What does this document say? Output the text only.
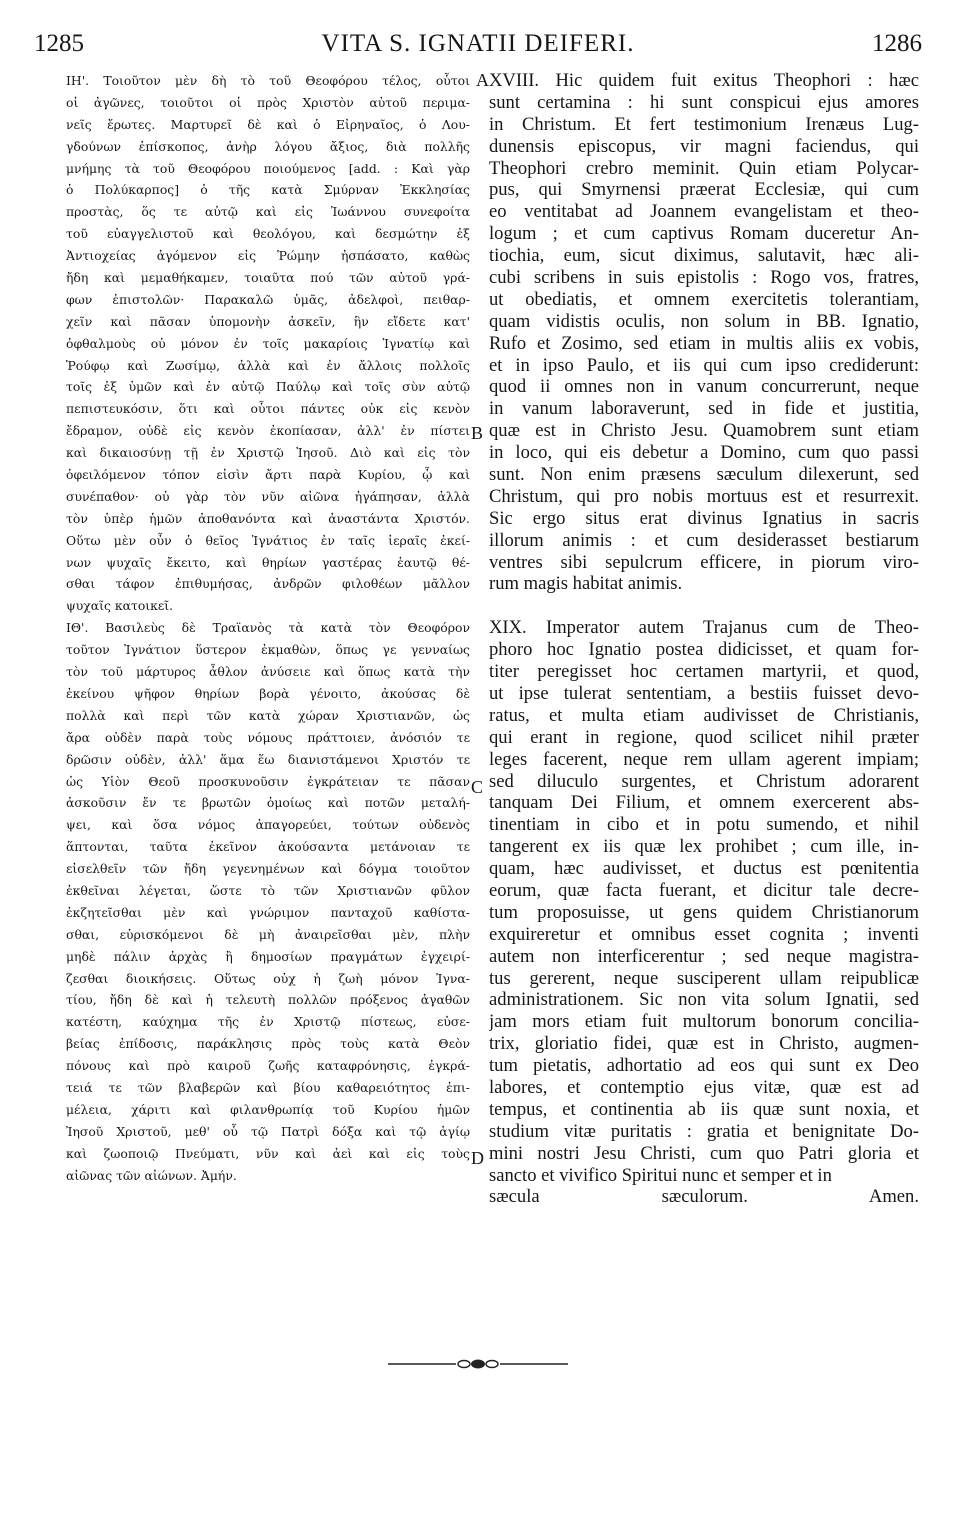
1285	VITA S. IGNATII DEIFERI.	1286
ΙΗ'. Τοιοῦτον μὲν δὴ τὸ τοῦ Θεοφόρου τέλος, οὗτοι
οἱ ἀγῶνες, τοιοῦτοι οἱ πρὸς Χριστὸν αὐτοῦ περιμα-
νεῖς ἔρωτες. Μαρτυρεῖ δὲ καὶ ὁ Εἰρηναῖος, ὁ Λου-
γδούνων ἐπίσκοπος, ἀνὴρ λόγου ἄξιος, διὰ πολλῆς
μνήμης τὰ τοῦ Θεοφόρου ποιούμενος [add. : Καὶ γὰρ
ὁ Πολύκαρπος] ὁ τῆς κατὰ Σμύρναν Ἐκκλησίας
προστὰς, ὅς τε αὐτῷ καὶ εἰς Ἰωάννου συνεφοίτα
τοῦ εὐαγγελιστοῦ καὶ θεολόγου, καὶ δεσμώτην ἐξ
Ἀντιοχείας ἀγόμενον εἰς Ῥώμην ἠσπάσατο, καθὼς
ἤδη καὶ μεμαθήκαμεν, τοιαῦτα πού τῶν αὐτοῦ γρά-
φων ἐπιστολῶν· Παρακαλῶ ὑμᾶς, ἀδελφοὶ, πειθαρ-
χεῖν καὶ πᾶσαν ὑπομονὴν ἀσκεῖν, ἣν εἴδετε κατ'
ὀφθαλμοὺς οὐ μόνον ἐν τοῖς μακαρίοις Ἰγνατίῳ καὶ
Ῥούφῳ καὶ Ζωσίμῳ, ἀλλὰ καὶ ἐν ἄλλοις πολλοῖς
τοῖς ἐξ ὑμῶν καὶ ἐν αὐτῷ Παύλῳ καὶ τοῖς σὺν αὐτῷ
πεπιστευκόσιν, ὅτι καὶ οὗτοι πάντες οὐκ εἰς κενὸν
ἔδραμον, οὐδὲ εἰς κενὸν ἐκοπίασαν, ἀλλ' ἐν πίστει
καὶ δικαιοσύνῃ τῇ ἐν Χριστῷ Ἰησοῦ. Διὸ καὶ εἰς τὸν
ὀφειλόμενον τόπον εἰσὶν ἄρτι παρὰ Κυρίου, ᾧ καὶ
συνέπαθον· οὐ γὰρ τὸν νῦν αἰῶνα ἠγάπησαν, ἀλλὰ
τὸν ὑπὲρ ἡμῶν ἀποθανόντα καὶ ἀναστάντα Χριστόν.
Οὕτω μὲν οὖν ὁ θεῖος Ἰγνάτιος ἐν ταῖς ἱεραῖς ἐκεί-
νων ψυχαῖς ἔκειτο, καὶ θηρίων γαστέρας ἑαυτῷ θέ-
σθαι τάφον ἐπιθυμήσας, ἀνδρῶν φιλοθέων μᾶλλον
ψυχαῖς κατοικεῖ.
ΙΘ'. Βασιλεὺς δὲ Τραϊανὸς τὰ κατὰ τὸν Θεοφόρον
τοῦτον Ἰγνάτιον ὕστερον ἐκμαθὼν, ὅπως γε γενναίως
τὸν τοῦ μάρτυρος ἆθλον ἀνύσειε καὶ ὅπως κατὰ τὴν
ἐκείνου ψῆφον θηρίων βορὰ γένοιτο, ἀκούσας δὲ
πολλὰ καὶ περὶ τῶν κατὰ χώραν Χριστιανῶν, ὡς
ἄρα οὐδὲν παρὰ τοὺς νόμους πράττοιεν, ἀνόσιόν τε
δρῶσιν οὐδὲν, ἀλλ' ἅμα ἕω διανιστάμενοι Χριστόν τε
ὡς Υἱὸν Θεοῦ προσκυνοῦσιν ἐγκράτειαν τε πᾶσαν
ἀσκοῦσιν ἔν τε βρωτῶν ὁμοίως καὶ ποτῶν μεταλή-
ψει, καὶ ὅσα νόμος ἀπαγορεύει, τούτων οὐδενὸς
ἅπτονται, ταῦτα ἐκεῖνον ἀκούσαντα μετάνοιαν τε
εἰσελθεῖν τῶν ἤδη γεγενημένων καὶ δόγμα τοιοῦτον
ἐκθεῖναι λέγεται, ὥστε τὸ τῶν Χριστιανῶν φῦλον
ἐκζητεῖσθαι μὲν καὶ γνώριμον πανταχοῦ καθίστα-
σθαι, εὑρισκόμενοι δὲ μὴ ἀναιρεῖσθαι μὲν, πλὴν
μηδὲ πάλιν ἀρχὰς ἢ δημοσίων πραγμάτων ἐγχειρί-
ζεσθαι διοικήσεις. Οὕτως οὐχ ἡ ζωὴ μόνον Ἰγνα-
τίου, ἤδη δὲ καὶ ἡ τελευτὴ πολλῶν πρόξενος ἀγαθῶν
κατέστη, καύχημα τῆς ἐν Χριστῷ πίστεως, εὐσε-
βείας ἐπίδοσις, παράκλησις πρὸς τοὺς κατὰ Θεὸν
πόνους καὶ πρὸ καιροῦ ζωῆς καταφρόνησις, ἐγκρά-
τειά τε τῶν βλαβερῶν καὶ βίου καθαρειότητος ἐπι-
μέλεια, χάριτι καὶ φιλανθρωπίᾳ τοῦ Κυρίου ἡμῶν
Ἰησοῦ Χριστοῦ, μεθ' οὗ τῷ Πατρὶ δόξα καὶ τῷ ἁγίῳ
καὶ ζωοποιῷ Πνεύματι, νῦν καὶ ἀεὶ καὶ εἰς τοὺς
αἰῶνας τῶν αἰώνων. Ἀμήν.
XVIII. Hic quidem fuit exitus Theophori : hæc
sunt certamina : hi sunt conspicui ejus amores
in Christum. Et fert testimonium Irenæus Lug-
dunensis episcopus, vir magni faciendus, qui
Theophori crebro meminit. Quin etiam Polycar-
pus, qui Smyrnensi præerat Ecclesiæ, qui cum
eo ventitabat ad Joannem evangelistam et theo-
logum ; et cum captivus Romam duceretur An-
tiochia, eum, sicut diximus, salutavit, hæc ali-
cubi scribens in suis epistolis : Rogo vos, fratres,
ut obediatis, et omnem exercitetis tolerantiam,
quam vidistis oculis, non solum in BB. Ignatio,
Rufo et Zosimo, sed etiam in multis aliis ex vobis,
et in ipso Paulo, et iis qui cum ipso crediderunt:
quod ii omnes non in vanum concurrerunt, neque
in vanum laboraverunt, sed in fide et justitia,
quæ est in Christo Jesu. Quamobrem sunt etiam
in loco, qui eis debetur a Domino, cum quo passi
sunt. Non enim præsens sæculum dilexerunt, sed
Christum, qui pro nobis mortuus est et resurrexit.
Sic ergo situs erat divinus Ignatius in sacris
illorum animis : et cum desiderasset bestiarum
ventres sibi sepulcrum efficere, in piorum viro-
rum magis habitat animis.
XIX. Imperator autem Trajanus cum de Theo-
phoro hoc Ignatio postea didicisset, et quam for-
titer peregisset hoc certamen martyrii, et quod,
ut ipse tulerat sententiam, a bestiis fuisset devo-
ratus, et multa etiam audivisset de Christianis,
qui erant in regione, quod scilicet nihil præter
leges facerent, neque rem ullam agerent impiam;
sed diluculo surgentes, et Christum adorarent
tanquam Dei Filium, et omnem exercerent abs-
tinentiam in cibo et in potu sumendo, et nihil
tangerent ex iis quæ lex prohibet ; cum ille, in-
quam, hæc audivisset, et ductus est pœnitentia
eorum, quæ facta fuerant, et dicitur tale decre-
tum proposuisse, ut gens quidem Christianorum
exquireretur et omnibus esset cognita ; inventi
autem non interficerentur ; sed neque magistra-
tus gererent, neque susciperent ullam reipublicæ
administrationem. Sic non vita solum Ignatii, sed
jam mors etiam fuit multorum bonorum concilia-
trix, gloriatio fidei, quæ est in Christo, augmen-
tum pietatis, adhortatio ad eos qui sunt ex Deo
labores, et contemptio ejus vitæ, quæ est ad
tempus, et continentia ab iis quæ sunt noxia, et
studium vitæ puritatis : gratia et benignitate Do-
mini nostri Jesu Christi, cum quo Patri gloria et
sancto et vivifico Spiritui nunc et semper et in
sæcula sæculorum. Amen.
A
B
C
D
